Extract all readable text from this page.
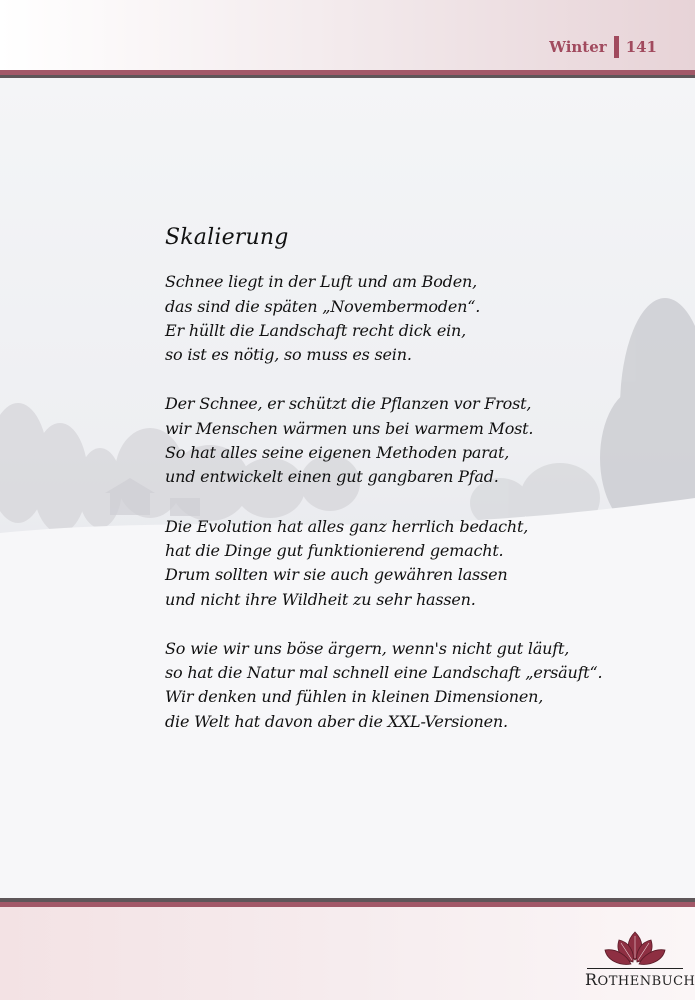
Winter 141
Skalierung
Schnee liegt in der Luft und am Boden,
das sind die späten „Novembermoden“.
Er hüllt die Landschaft recht dick ein,
so ist es nötig, so muss es sein.
Der Schnee, er schützt die Pflanzen vor Frost,
wir Menschen wärmen uns bei warmem Most.
So hat alles seine eigenen Methoden parat,
und entwickelt einen gut gangbaren Pfad.
Die Evolution hat alles ganz herrlich bedacht,
hat die Dinge gut funktionierend gemacht.
Drum sollten wir sie auch gewähren lassen
und nicht ihre Wildheit zu sehr hassen.
So wie wir uns böse ärgern, wenn's nicht gut läuft,
so hat die Natur mal schnell eine Landschaft „ersäuft“.
Wir denken und fühlen in kleinen Dimensionen,
die Welt hat davon aber die XXL-Versionen.
ROTHENBUCH
